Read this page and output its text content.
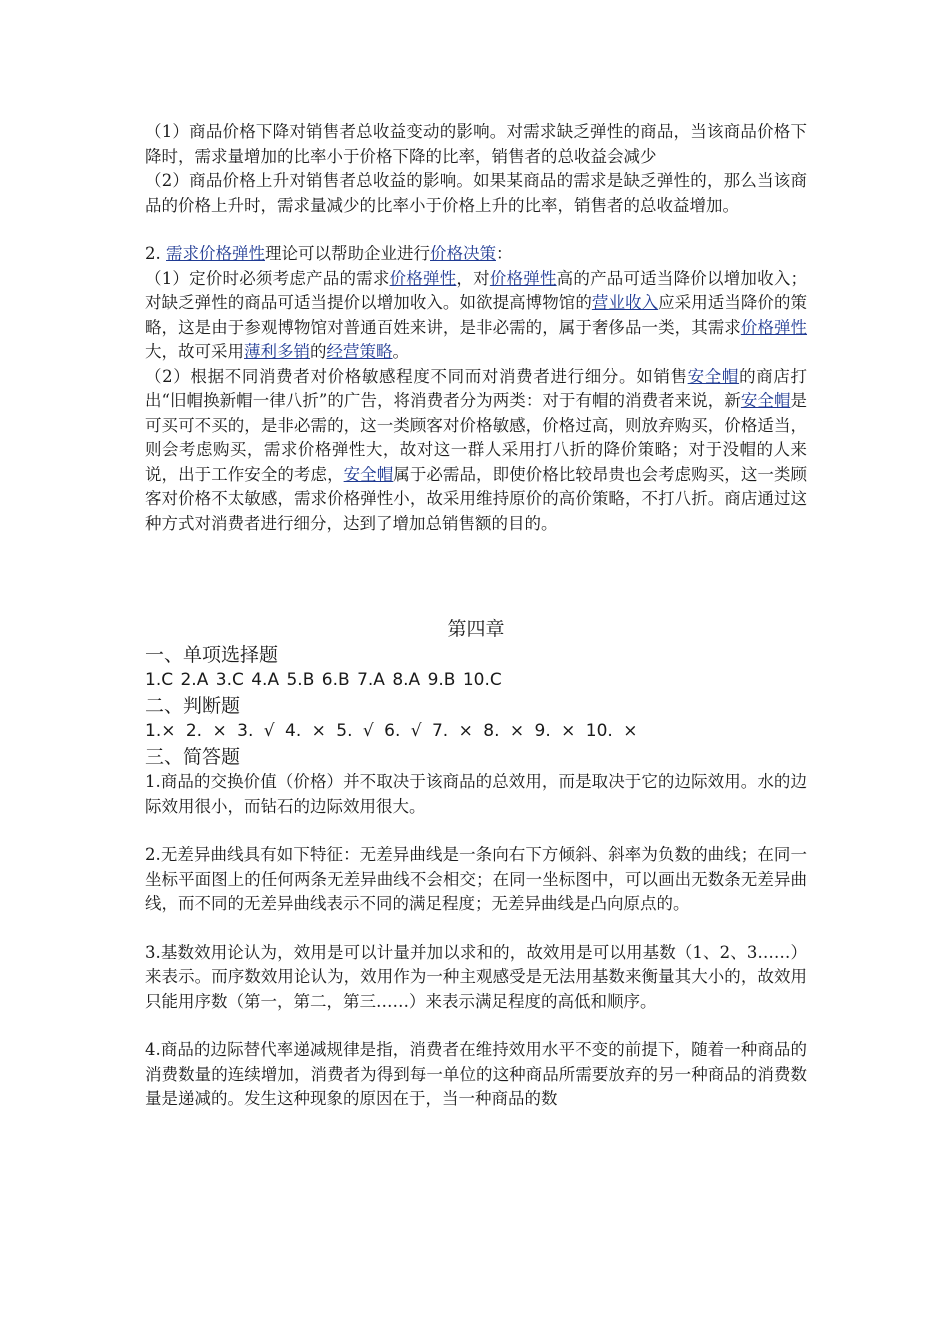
（1）商品价格下降对销售者总收益变动的影响。对需求缺乏弹性的商品，当该商品价格下降时，需求量增加的比率小于价格下降的比率，销售者的总收益会减少

（2）商品价格上升对销售者总收益的影响。如果某商品的需求是缺乏弹性的，那么当该商品的价格上升时，需求量减少的比率小于价格上升的比率，销售者的总收益增加。

2. 需求价格弹性理论可以帮助企业进行价格决策：

（1）定价时必须考虑产品的需求价格弹性，对价格弹性高的产品可适当降价以增加收入；对缺乏弹性的商品可适当提价以增加收入。如欲提高博物馆的营业收入应采用适当降价的策略，这是由于参观博物馆对普通百姓来讲，是非必需的，属于奢侈品一类，其需求价格弹性大，故可采用薄利多销的经营策略。

（2）根据不同消费者对价格敏感程度不同而对消费者进行细分。如销售安全帽的商店打出“旧帽换新帽一律八折”的广告，将消费者分为两类：对于有帽的消费者来说，新安全帽是可买可不买的，是非必需的，这一类顾客对价格敏感，价格过高，则放弃购买，价格适当，则会考虑购买，需求价格弹性大，故对这一群人采用打八折的降价策略；对于没帽的人来说，出于工作安全的考虑，安全帽属于必需品，即使价格比较昂贵也会考虑购买，这一类顾客对价格不太敏感，需求价格弹性小，故采用维持原价的高价策略，不打八折。商店通过这种方式对消费者进行细分，达到了增加总销售额的目的。

第四章

一、单项选择题

1.C 2.A 3.C 4.A 5.B 6.B 7.A 8.A 9.B 10.C

二、判断题

1.× 2. × 3. √ 4. × 5. √ 6. √ 7. × 8. × 9. × 10. ×

三、简答题

1.商品的交换价值（价格）并不取决于该商品的总效用，而是取决于它的边际效用。水的边际效用很小，而钻石的边际效用很大。

2.无差异曲线具有如下特征：无差异曲线是一条向右下方倾斜、斜率为负数的曲线；在同一坐标平面图上的任何两条无差异曲线不会相交；在同一坐标图中，可以画出无数条无差异曲线，而不同的无差异曲线表示不同的满足程度；无差异曲线是凸向原点的。

3.基数效用论认为，效用是可以计量并加以求和的，故效用是可以用基数（1、2、3……）来表示。而序数效用论认为，效用作为一种主观感受是无法用基数来衡量其大小的，故效用只能用序数（第一，第二，第三……）来表示满足程度的高低和顺序。

4.商品的边际替代率递减规律是指，消费者在维持效用水平不变的前提下，随着一种商品的消费数量的连续增加，消费者为得到每一单位的这种商品所需要放弃的另一种商品的消费数量是递减的。发生这种现象的原因在于，当一种商品的数
